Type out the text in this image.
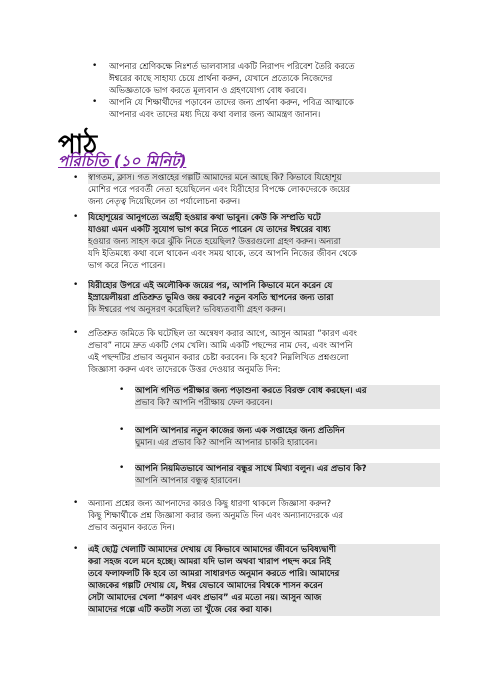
• আপনার শ্রেণিকক্ষে নিঃশর্ত ভালবাসার একটি নিরাপদ পরিবেশ তৈরি করতে
ঈশ্বরের কাছে সাহায্য চেয়ে প্রার্থনা করুন, যেখানে প্রত্যেকে নিজেদের
অভিজ্ঞতাকে ভাগ করতে মূল্যবান ও গ্রহণযোগ্য বোধ করবে।
• আপনি যে শিক্ষার্থীদের পড়াবেন তাদের জন্য প্রার্থনা করুন, পবিত্র আত্মাকে
আপনার এবং তাদের মধ্য দিয়ে কথা বলার জন্য আমন্ত্রণ জানান।
পাঠ
পরিচিতি (১০ মিনিট)
• স্বাগতম, ক্লাস। গত সপ্তাহের গল্পটি আমাদের মনে আছে কি? কিভাবে যিহোশূয়
মোশির পরে পরবর্তী নেতা হয়েছিলেন এবং যিরীহোর বিপক্ষে লোকদেরকে জয়ের
জন্য নেতৃত্ব দিয়েছিলেন তা পর্যালোচনা করুন।
• যিহোশূয়ের আনুগত্যে অগ্রহী হওয়ার কথা ভাবুন। কেউ কি সম্প্রতি ঘটে
যাওয়া এমন একটি সুযোগ ভাগ করে নিতে পারেন যে তাদের ঈশ্বরের বাধ্য
হওয়ার জন্য সাহস করে ঝুঁকি নিতে হয়েছিল? উত্তরগুলো গ্রহণ করুন। অন্যরা
যদি ইতিমধ্যে কথা বলে থাকেন এবং সময় থাকে, তবে আপনি নিজের জীবন থেকে
ভাগ করে নিতে পারেন।
• যিরীহোর উপরে এই অলৌকিক জয়ের পর, আপনি কিভাবে মনে করেন যে
ইস্রায়েলীয়রা প্রতিশ্রুত ভূমিও জয় করবে? নতুন বসতি স্থাপনের জন্য তারা
কি ঈশ্বরের পথ অনুসরণ করেছিল? ভবিষ্যতবাণী গ্রহণ করুন।
• প্রতিশ্রুত জমিতে কি ঘটেছিল তা অন্বেষণ করার আগে, আসুন আমরা “কারণ এবং
প্রভাব” নামে দ্রুত একটি গেম খেলি। আমি একটি পছন্দের নাম দেব, এবং আপনি
এই পছন্দটির প্রভাব অনুমান করার চেষ্টা করবেন। কি হবে? নিম্নলিখিত প্রশ্নগুলো
জিজ্ঞাসা করুন এবং তাদেরকে উত্তর দেওয়ার অনুমতি দিন:
• আপনি গণিত পরীক্ষার জন্য পড়াশুনা করতে বিরক্ত বোধ করছেন। এর
প্রভাব কি? আপনি পরীক্ষায় ফেল করবেন।
• আপনি আপনার নতুন কাজের জন্য এক সপ্তাহের জন্য প্রতিদিন
ঘুমান। এর প্রভাব কি? আপনি আপনার চাকরি হারাবেন।
• আপনি নিয়মিতভাবে আপনার বন্ধুর সাথে মিথ্যা বলুন। এর প্রভাব কি?
আপনি আপনার বন্ধুত্ব হারাবেন।
• অন্যান্য প্রশ্নের জন্য আপনাদের কারও কিছু ধারণা থাকলে জিজ্ঞাসা করুন?
কিছু শিক্ষার্থীকে প্রশ্ন জিজ্ঞাসা করার জন্য অনুমতি দিন এবং অন্যান্যদেরকে এর
প্রভাব অনুমান করতে দিন।
• এই ছোট্ট খেলাটি আমাদের দেখায় যে কিভাবে আমাদের জীবনে ভবিষ্যদ্বাণী
করা সহজ বলে মনে হচ্ছে। আমরা যদি ভাল অথবা খারাপ পছন্দ করে নিই
তবে ফলাফলটি কি হবে তা আমরা সাধারণত অনুমান করতে পারি। আমাদের
আজকের গল্পটি দেখায় যে, ঈশ্বর যেভাবে আমাদের বিশ্বকে শাসন করেন
সেটা আমাদের খেলা “কারণ এবং প্রভাব” এর মতো নয়। আসুন আজ
আমাদের গল্পে এটি কতটা সত্য তা খুঁজে বের করা যাক।
